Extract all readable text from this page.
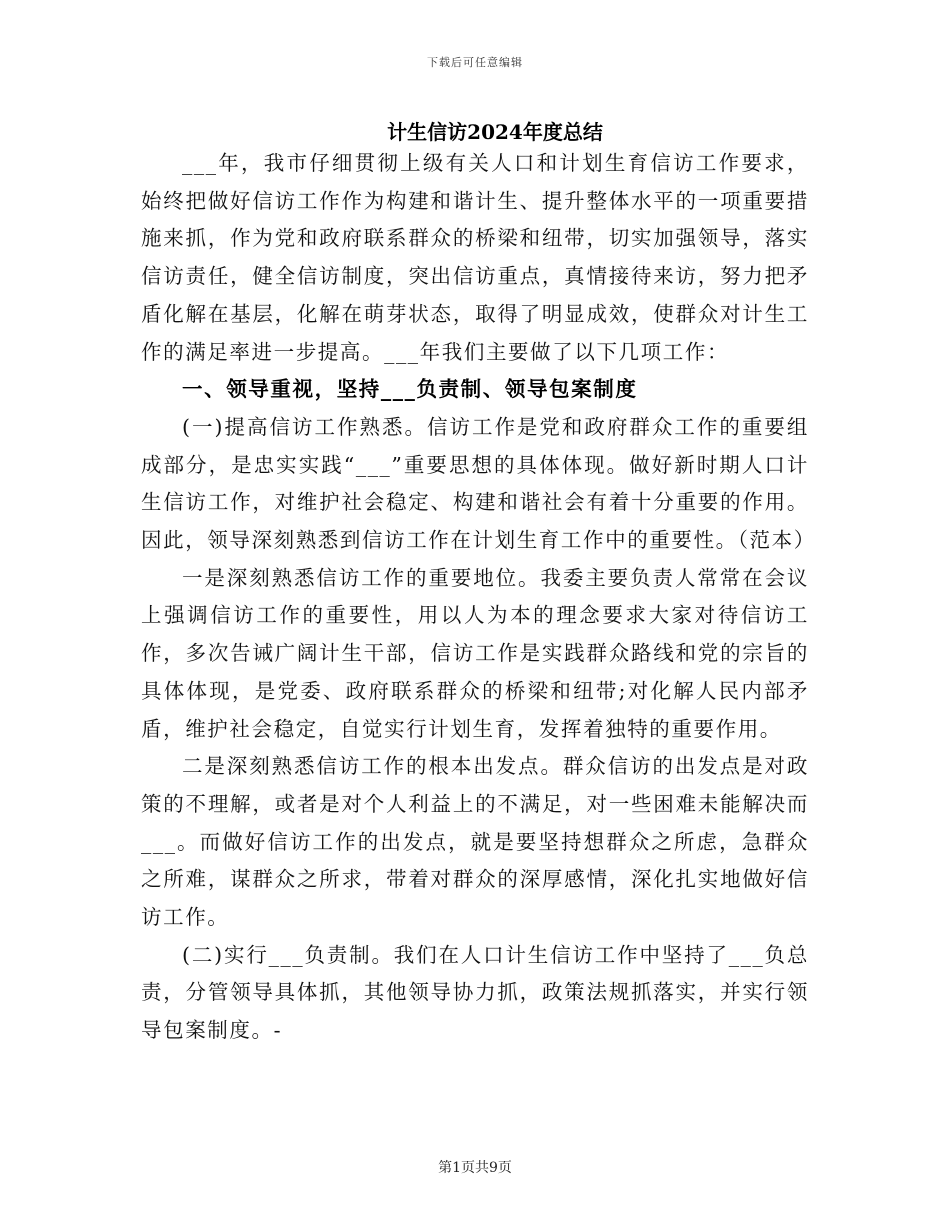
下载后可任意编辑
计生信访2024年度总结

___年，我市仔细贯彻上级有关人口和计划生育信访工作要求，始终把做好信访工作作为构建和谐计生、提升整体水平的一项重要措施来抓，作为党和政府联系群众的桥梁和纽带，切实加强领导，落实信访责任，健全信访制度，突出信访重点，真情接待来访，努力把矛盾化解在基层，化解在萌芽状态，取得了明显成效，使群众对计生工作的满足率进一步提高。___年我们主要做了以下几项工作：

一、领导重视，坚持___负责制、领导包案制度

(一)提高信访工作熟悉。信访工作是党和政府群众工作的重要组成部分，是忠实实践“___”重要思想的具体体现。做好新时期人口计生信访工作，对维护社会稳定、构建和谐社会有着十分重要的作用。因此，领导深刻熟悉到信访工作在计划生育工作中的重要性。（范本）

一是深刻熟悉信访工作的重要地位。我委主要负责人常常在会议上强调信访工作的重要性，用以人为本的理念要求大家对待信访工作，多次告诫广阔计生干部，信访工作是实践群众路线和党的宗旨的具体体现，是党委、政府联系群众的桥梁和纽带;对化解人民内部矛盾，维护社会稳定，自觉实行计划生育，发挥着独特的重要作用。

二是深刻熟悉信访工作的根本出发点。群众信访的出发点是对政策的不理解，或者是对个人利益上的不满足，对一些困难未能解决而___。而做好信访工作的出发点，就是要坚持想群众之所虑，急群众之所难，谋群众之所求，带着对群众的深厚感情，深化扎实地做好信访工作。

(二)实行___负责制。我们在人口计生信访工作中坚持了___负总责，分管领导具体抓，其他领导协力抓，政策法规抓落实，并实行领导包案制度。-

第1页共9页
